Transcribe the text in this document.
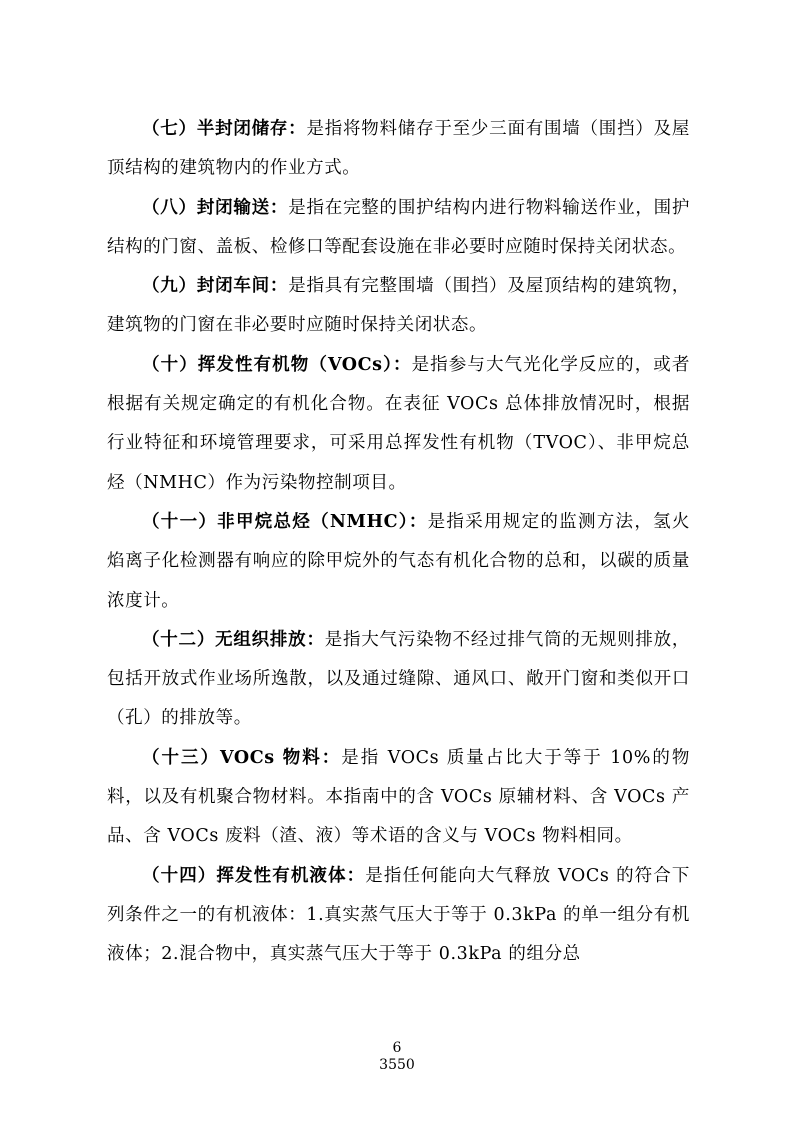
（七）半封闭储存：是指将物料储存于至少三面有围墙（围挡）及屋顶结构的建筑物内的作业方式。

（八）封闭输送：是指在完整的围护结构内进行物料输送作业，围护结构的门窗、盖板、检修口等配套设施在非必要时应随时保持关闭状态。

（九）封闭车间：是指具有完整围墙（围挡）及屋顶结构的建筑物，建筑物的门窗在非必要时应随时保持关闭状态。

（十）挥发性有机物（VOCs）：是指参与大气光化学反应的，或者根据有关规定确定的有机化合物。在表征 VOCs 总体排放情况时，根据行业特征和环境管理要求，可采用总挥发性有机物（TVOC）、非甲烷总烃（NMHC）作为污染物控制项目。

（十一）非甲烷总烃（NMHC）：是指采用规定的监测方法，氢火焰离子化检测器有响应的除甲烷外的气态有机化合物的总和，以碳的质量浓度计。

（十二）无组织排放：是指大气污染物不经过排气筒的无规则排放，包括开放式作业场所逸散，以及通过缝隙、通风口、敞开门窗和类似开口（孔）的排放等。

（十三）VOCs 物料：是指 VOCs 质量占比大于等于 10%的物料，以及有机聚合物材料。本指南中的含 VOCs 原辅材料、含 VOCs 产品、含 VOCs 废料（渣、液）等术语的含义与 VOCs 物料相同。

（十四）挥发性有机液体：是指任何能向大气释放 VOCs 的符合下列条件之一的有机液体：1.真实蒸气压大于等于 0.3kPa 的单一组分有机液体；2.混合物中，真实蒸气压大于等于 0.3kPa 的组分总

6
3550
